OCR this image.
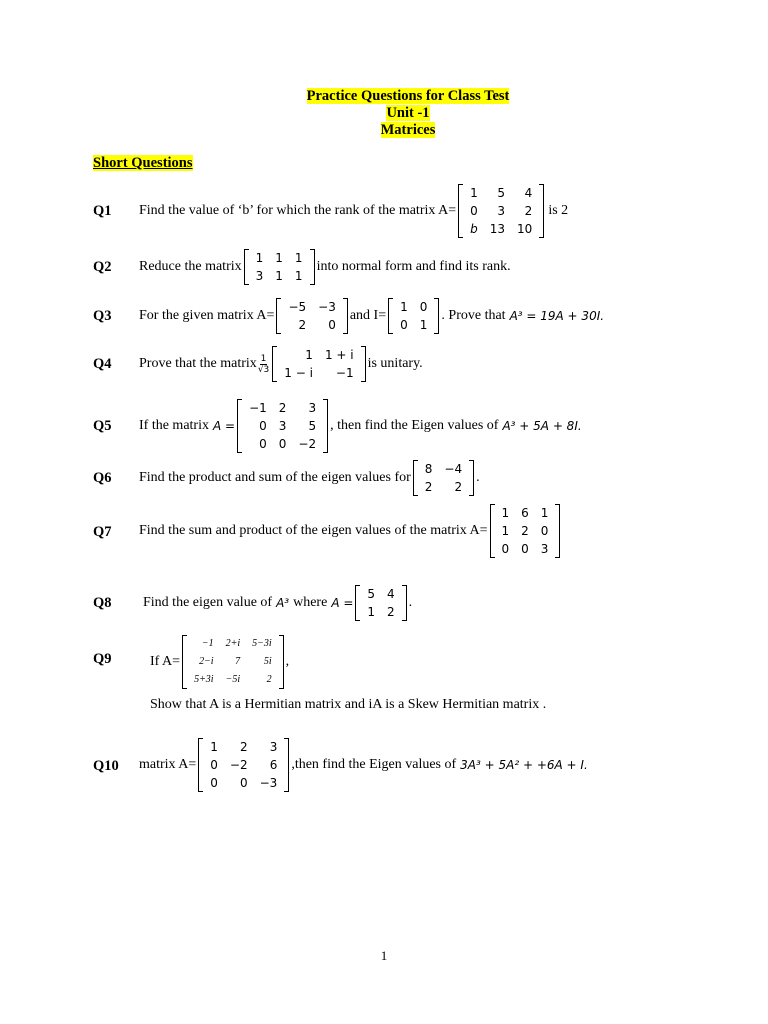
Practice Questions for Class Test
Unit -1
Matrices
Short Questions
Q1 Find the value of ‘b’ for which the rank of the matrix A=
1	5	4
0	3	2
b	13	10
is 2
Q2 Reduce the matrix
1	1	1
3	1	1
into normal form and find its rank.
Q3 For the given matrix A=
−5	−3
2	0
and I=
1	0
0	1
. Prove that A³ = 19A + 30I.
Q4 Prove that the matrix $\frac{1}{√3}$	1	1 + i
1 − i	−1
is unitary.
Q5 If the matrix A =
−1	2	3
0	3	5
0	0	−2
, then find the Eigen values of A³ + 5A + 8I.
Q6 Find the product and sum of the eigen values for
8	−4
2	2
.
Q7 Find the sum and product of the eigen values of the matrix A=
1	6	1
1	2	0
0	0	3
Q8 Find the eigen value of A³ where A =
5	4
1	2
.
Q9	If A=
−1	2+i	5−3i
2−i	7	5i
5+3i	−5i	2
,
Show that A is a Hermitian matrix and iA is a Skew Hermitian matrix .
Q10 matrix A=
1	2	3
0	−2	6
0	0	−3
,then find the Eigen values of 3A³ + 5A² + +6A + I.
1
